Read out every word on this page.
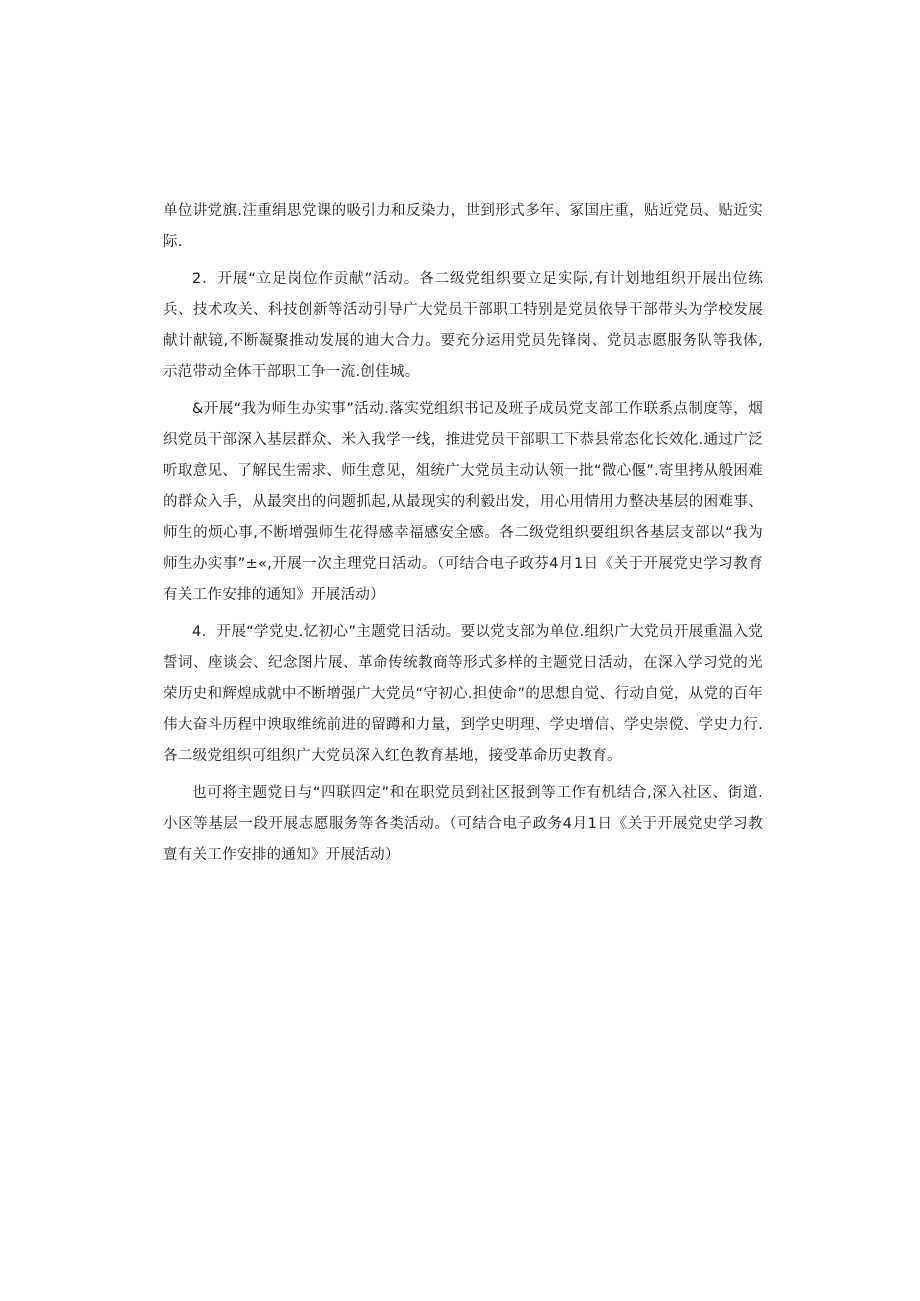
单位讲党旗.注重绢思党课的吸引力和反染力，世到形式多年、冢国庄重，贴近党员、贴近实际.

2．开展“立足岗位作贡献”活动。各二级党组织要立足实际,有计划地组织开展出位练兵、技术攻关、科技创新等活动引导广大党员干部职工特别是党员依导干部带头为学校发展献计献镜,不断凝聚推动发展的迪大合力。要充分运用党员先锋岗、党员志愿服务队等我体,示范带动全体干部职工争一流.创佳城。

&开展“我为师生办实事”活动.落实党组织书记及班子成员党支部工作联系点制度等，烟织党员干部深入基层群众、米入我学一线，推进党员干部职工下恭县常态化长效化.通过广泛听取意见、了解民生需求、师生意见，俎统广大党员主动认领一批“微心偃”.寄里拷从般困难的群众入手，从最突出的问题抓起,从最现实的利毅出发，用心用情用力整决基层的困难事、师生的烦心事,不断增强师生花得感幸福感安全感。各二级党组织要组织各基层支部以“我为师生办实事”±«,开展一次主理党日活动。（可结合电子政芬4月1日《关于开展党史学习教育有关工作安排的通知》开展活动）

4．开展“学党史.忆初心”主题党日活动。要以党支部为单位.组织广大党员开展重温入党誓词、座谈会、纪念图片展、革命传统教商等形式多样的主题党日活动，在深入学习党的光荣历史和辉煌成就中不断增强广大党员“守初心.担使命”的思想自觉、行动自觉，从党的百年伟大奋斗历程中谀取维统前进的留蹲和力量，到学史明理、学史增信、学史崇傥、学史力行.各二级党组织可组织广大党员深入红色教育基地，接受革命历史教育。

也可将主题党日与“四联四定”和在职党员到社区报到等工作有机结合,深入社区、街道.小区等基层一段开展志愿服务等各类活动。（可结合电子政务4月1日《关于开展党史学习教亶有关工作安排的通知》开展活动）
